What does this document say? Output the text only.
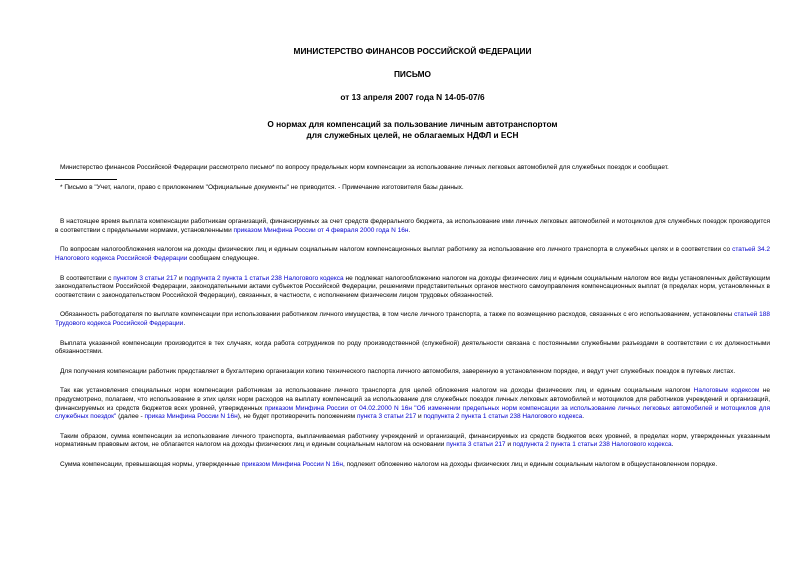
МИНИСТЕРСТВО ФИНАНСОВ РОССИЙСКОЙ ФЕДЕРАЦИИ
ПИСЬМО
от 13 апреля 2007 года N 14-05-07/6
О нормах для компенсаций за пользование личным автотранспортом
для служебных целей, не облагаемых НДФЛ и ЕСН

Министерство финансов Российской Федерации рассмотрело письмо* по вопросу предельных норм компенсации за использование личных легковых автомобилей для служебных поездок и сообщает.

* Письмо в "Учет, налоги, право с приложением "Официальные документы" не приводится. - Примечание изготовителя базы данных.

В настоящее время выплата компенсации работникам организаций, финансируемых за счет средств федерального бюджета, за использование ими личных легковых автомобилей и мотоциклов для служебных поездок производится в соответствии с предельными нормами, установленными приказом Минфина России от 4 февраля 2000 года N 16н.

По вопросам налогообложения налогом на доходы физических лиц и единым социальным налогом компенсационных выплат работнику за использование его личного транспорта в служебных целях и в соответствии со статьей 34.2 Налогового кодекса Российской Федерации сообщаем следующее.

В соответствии с пунктом 3 статьи 217 и подпункта 2 пункта 1 статьи 238 Налогового кодекса не подлежат налогообложению налогом на доходы физических лиц и единым социальным налогом все виды установленных действующим законодательством Российской Федерации, законодательными актами субъектов Российской Федерации, решениями представительных органов местного самоуправления компенсационных выплат (в пределах норм, установленных в соответствии с законодательством Российской Федерации), связанных, в частности, с исполнением физическим лицом трудовых обязанностей.

Обязанность работодателя по выплате компенсации при использовании работником личного имущества, в том числе личного транспорта, а также по возмещению расходов, связанных с его использованием, установлены статьей 188 Трудового кодекса Российской Федерации.

Выплата указанной компенсации производится в тех случаях, когда работа сотрудников по роду производственной (служебной) деятельности связана с постоянными служебными разъездами в соответствии с их должностными обязанностями.

Для получения компенсации работник представляет в бухгалтерию организации копию технического паспорта личного автомобиля, заверенную в установленном порядке, и ведут учет служебных поездок в путевых листах.

Так как установления специальных норм компенсации работникам за использование личного транспорта для целей обложения налогом на доходы физических лиц и единым социальным налогом Налоговым кодексом не предусмотрено, полагаем, что использование в этих целях норм расходов на выплату компенсаций за использование для служебных поездок личных легковых автомобилей и мотоциклов для работников учреждений и организаций, финансируемых из средств бюджетов всех уровней, утвержденных приказом Минфина России от 04.02.2000 N 16н "Об изменении предельных норм компенсации за использование личных легковых автомобилей и мотоциклов для служебных поездок" (далее - приказ Минфина России N 16н), не будет противоречить положениям пункта 3 статьи 217 и подпункта 2 пункта 1 статьи 238 Налогового кодекса.

Таким образом, сумма компенсации за использование личного транспорта, выплачиваемая работнику учреждений и организаций, финансируемых из средств бюджетов всех уровней, в пределах норм, утвержденных указанным нормативным правовым актом, не облагается налогом на доходы физических лиц и единым социальным налогом на основании пункта 3 статьи 217 и подпункта 2 пункта 1 статьи 238 Налогового кодекса.

Сумма компенсации, превышающая нормы, утвержденные приказом Минфина России N 16н, подлежит обложению налогом на доходы физических лиц и единым социальным налогом в общеустановленном порядке.
